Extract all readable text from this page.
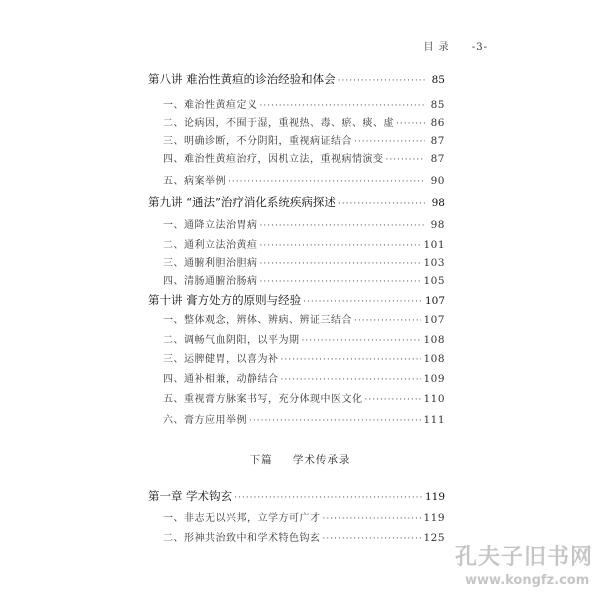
目 录 -3-
第八讲 难治性黄疸的诊治经验和体会 ·····	85
一、难治性黄疸定义 ·····	85
二、论病因，不囿于湿，重视热、毒、瘀、痰、虚 ·····	86
三、明确诊断，不分阴阳，重视病证结合 ·····	87
四、难治性黄疸治疗，因机立法，重视病情演变 ·····	87
五、病案举例 ·····	90
第九讲 “通法”治疗消化系统疾病探述 ·····	98
一、通降立法治胃病 ·····	98
二、通利立法治黄疸 ·····	101
三、通腑利胆治胆病 ·····	103
四、清肠通腑治肠病 ·····	105
第十讲 膏方处方的原则与经验 ·····	107
一、整体观念，辨体、辨病、辨证三结合 ·····	107
二、调畅气血阴阳，以平为期 ·····	108
三、运脾健胃，以喜为补 ·····	108
四、通补相兼，动静结合 ·····	109
五、重视膏方脉案书写，充分体现中医文化 ·····	110
六、膏方应用举例 ·····	111
下篇 学术传承录
第一章 学术钩玄 ·····	119
一、非志无以兴邦，立学方可广才 ·····	119
二、形神共治致中和学术特色钩玄 ·····	125
孔夫子旧书网
www.kongfz.com
